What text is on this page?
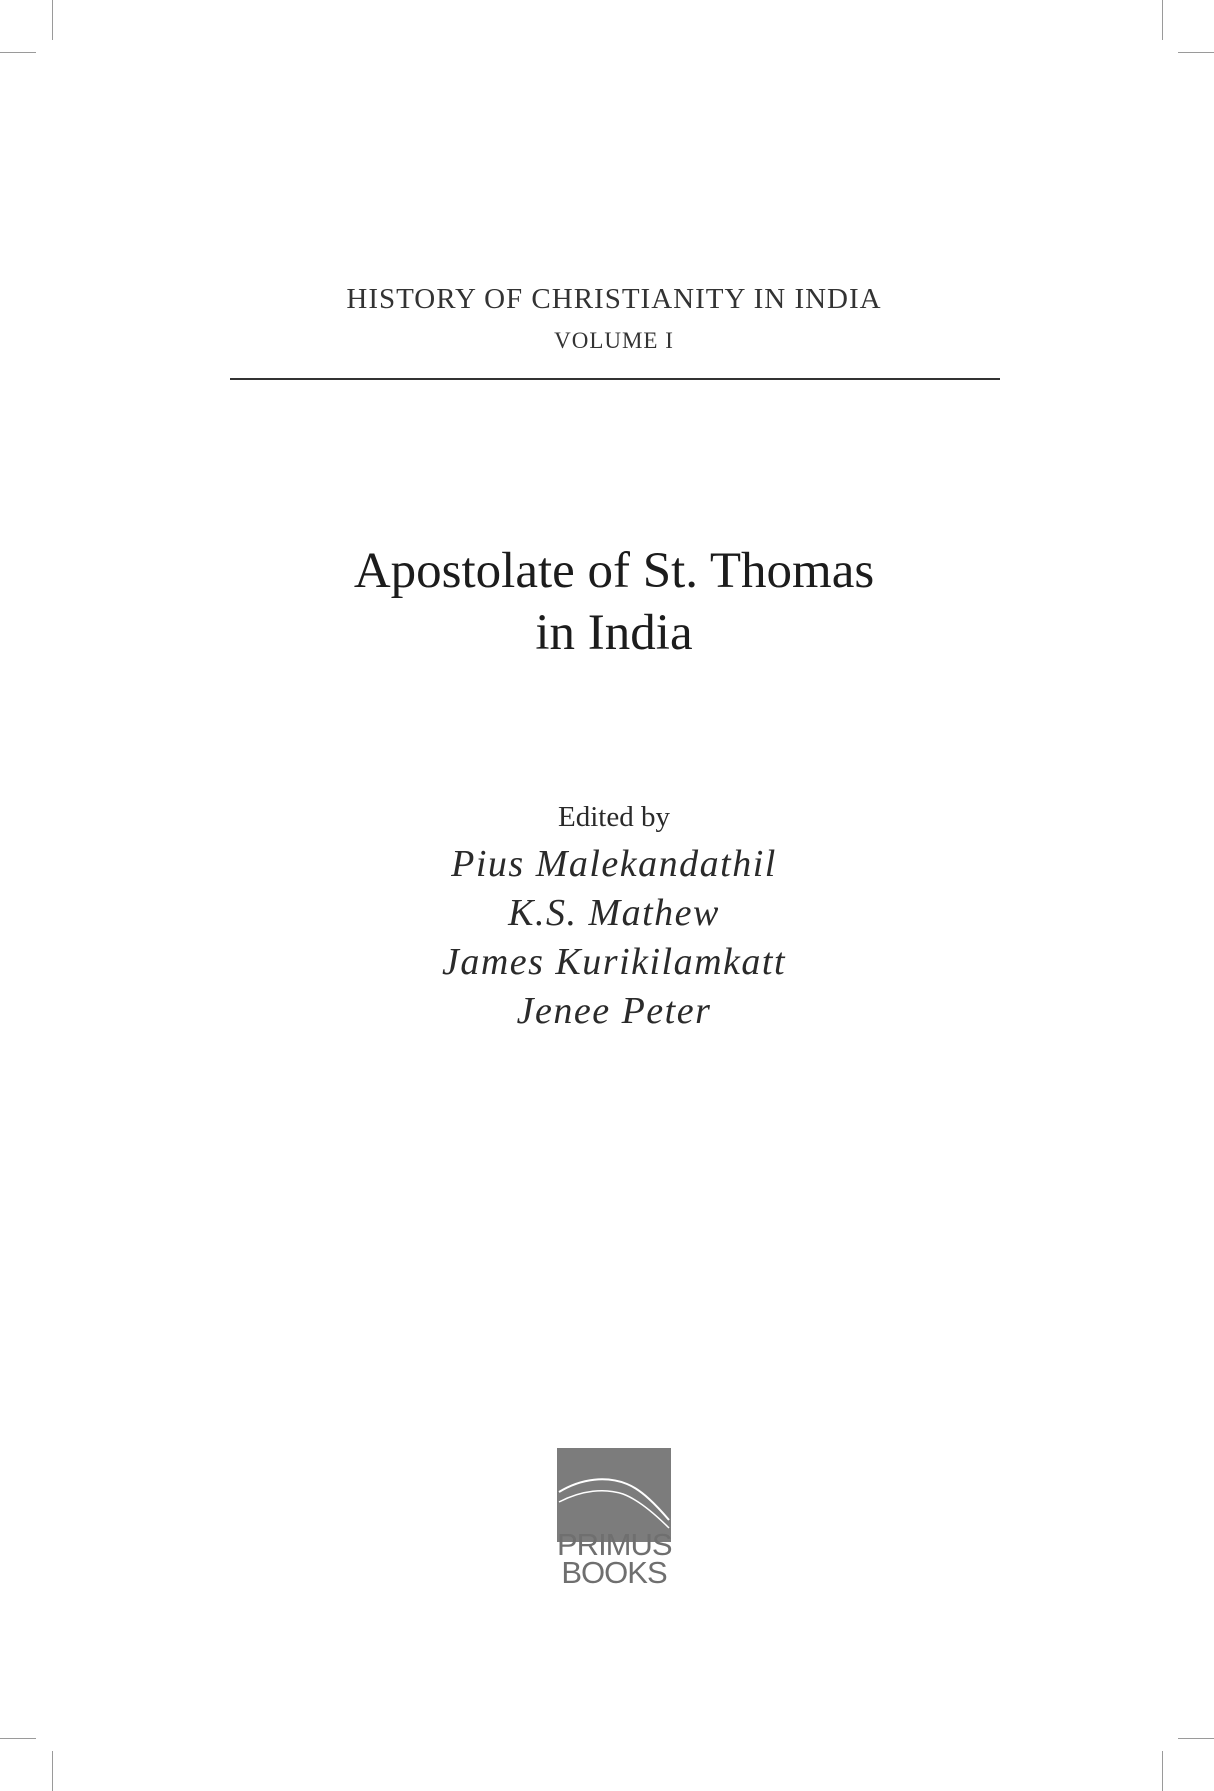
HISTORY OF CHRISTIANITY IN INDIA
VOLUME I
Apostolate of St. Thomas
in India
Edited by
Pius Malekandathil
K.S. Mathew
James Kurikilamkatt
Jenee Peter
PRIMUS
BOOKS
